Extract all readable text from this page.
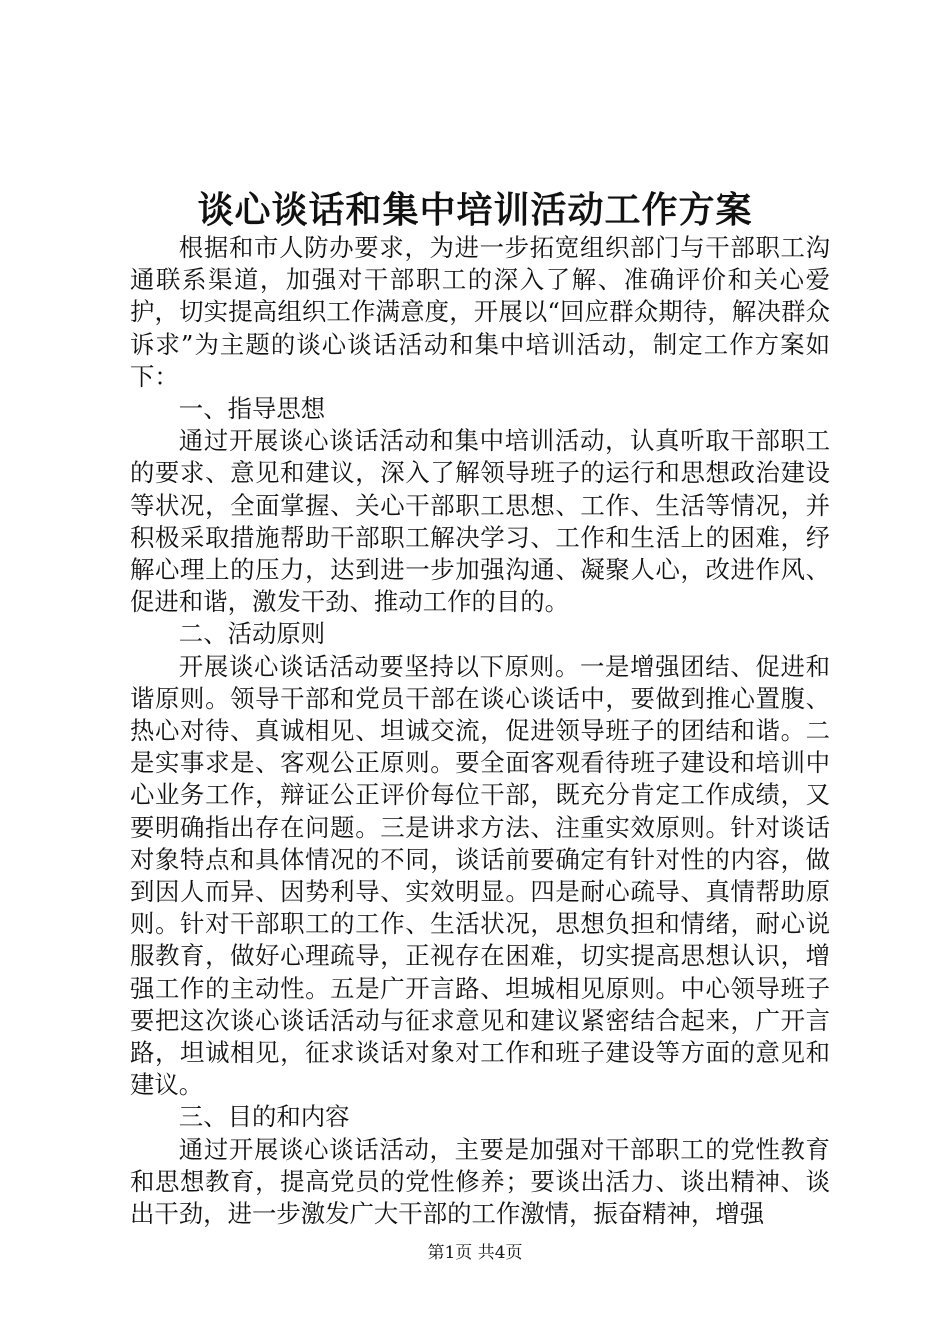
谈心谈话和集中培训活动工作方案

根据和市人防办要求，为进一步拓宽组织部门与干部职工沟通联系渠道，加强对干部职工的深入了解、准确评价和关心爱护，切实提高组织工作满意度，开展以“回应群众期待，解决群众诉求”为主题的谈心谈话活动和集中培训活动，制定工作方案如下：

一、指导思想

通过开展谈心谈话活动和集中培训活动，认真听取干部职工的要求、意见和建议，深入了解领导班子的运行和思想政治建设等状况，全面掌握、关心干部职工思想、工作、生活等情况，并积极采取措施帮助干部职工解决学习、工作和生活上的困难，纾解心理上的压力，达到进一步加强沟通、凝聚人心，改进作风、促进和谐，激发干劲、推动工作的目的。

二、活动原则

开展谈心谈话活动要坚持以下原则。一是增强团结、促进和谐原则。领导干部和党员干部在谈心谈话中，要做到推心置腹、热心对待、真诚相见、坦诚交流，促进领导班子的团结和谐。二是实事求是、客观公正原则。要全面客观看待班子建设和培训中心业务工作，辩证公正评价每位干部，既充分肯定工作成绩，又要明确指出存在问题。三是讲求方法、注重实效原则。针对谈话对象特点和具体情况的不同，谈话前要确定有针对性的内容，做到因人而异、因势利导、实效明显。四是耐心疏导、真情帮助原则。针对干部职工的工作、生活状况，思想负担和情绪，耐心说服教育，做好心理疏导，正视存在困难，切实提高思想认识，增强工作的主动性。五是广开言路、坦城相见原则。中心领导班子要把这次谈心谈话活动与征求意见和建议紧密结合起来，广开言路，坦诚相见，征求谈话对象对工作和班子建设等方面的意见和建议。

三、目的和内容

通过开展谈心谈话活动，主要是加强对干部职工的党性教育和思想教育，提高党员的党性修养；要谈出活力、谈出精神、谈出干劲，进一步激发广大干部的工作激情，振奋精神，增强

第1页 共4页
